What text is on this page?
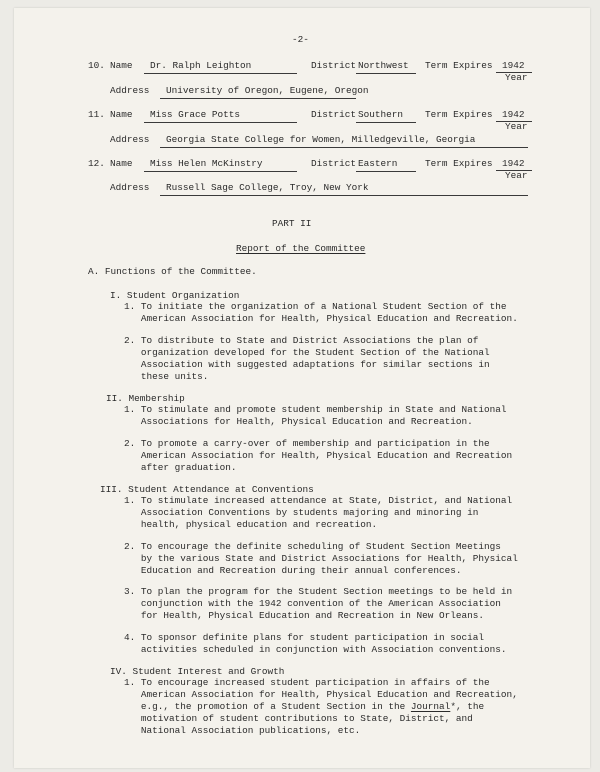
-2-
10. Name Dr. Ralph Leighton	District Northwest Term Expires 1942
Year
Address University of Oregon, Eugene, Oregon
11. Name Miss Grace Potts	District Southern Term Expires 1942
Year
Address Georgia State College for Women, Milledgeville, Georgia
12. Name Miss Helen McKinstry	District Eastern	Term Expires 1942
Year
Address Russell Sage College, Troy, New York
PART II
Report of the Committee
A. Functions of the Committee.
I. Student Organization
1. To initiate the organization of a National Student Section of the
American Association for Health, Physical Education and Recreation.
2. To distribute to State and District Associations the plan of
organization developed for the Student Section of the National
Association with suggested adaptations for similar sections in
these units.
II. Membership
1. To stimulate and promote student membership in State and National
Associations for Health, Physical Education and Recreation.
2. To promote a carry-over of membership and participation in the
American Association for Health, Physical Education and Recreation
after graduation.
III. Student Attendance at Conventions
1. To stimulate increased attendance at State, District, and National
Association Conventions by students majoring and minoring in
health, physical education and recreation.
2. To encourage the definite scheduling of Student Section Meetings
by the various State and District Associations for Health, Physical
Education and Recreation during their annual conferences.
3. To plan the program for the Student Section meetings to be held in
conjunction with the 1942 convention of the American Association
for Health, Physical Education and Recreation in New Orleans.
4. To sponsor definite plans for student participation in social
activities scheduled in conjunction with Association conventions.
IV. Student Interest and Growth
1. To encourage increased student participation in affairs of the
American Association for Health, Physical Education and Recreation,
e.g., the promotion of a Student Section in the Journal*, the
motivation of student contributions to State, District, and
National Association publications, etc.
